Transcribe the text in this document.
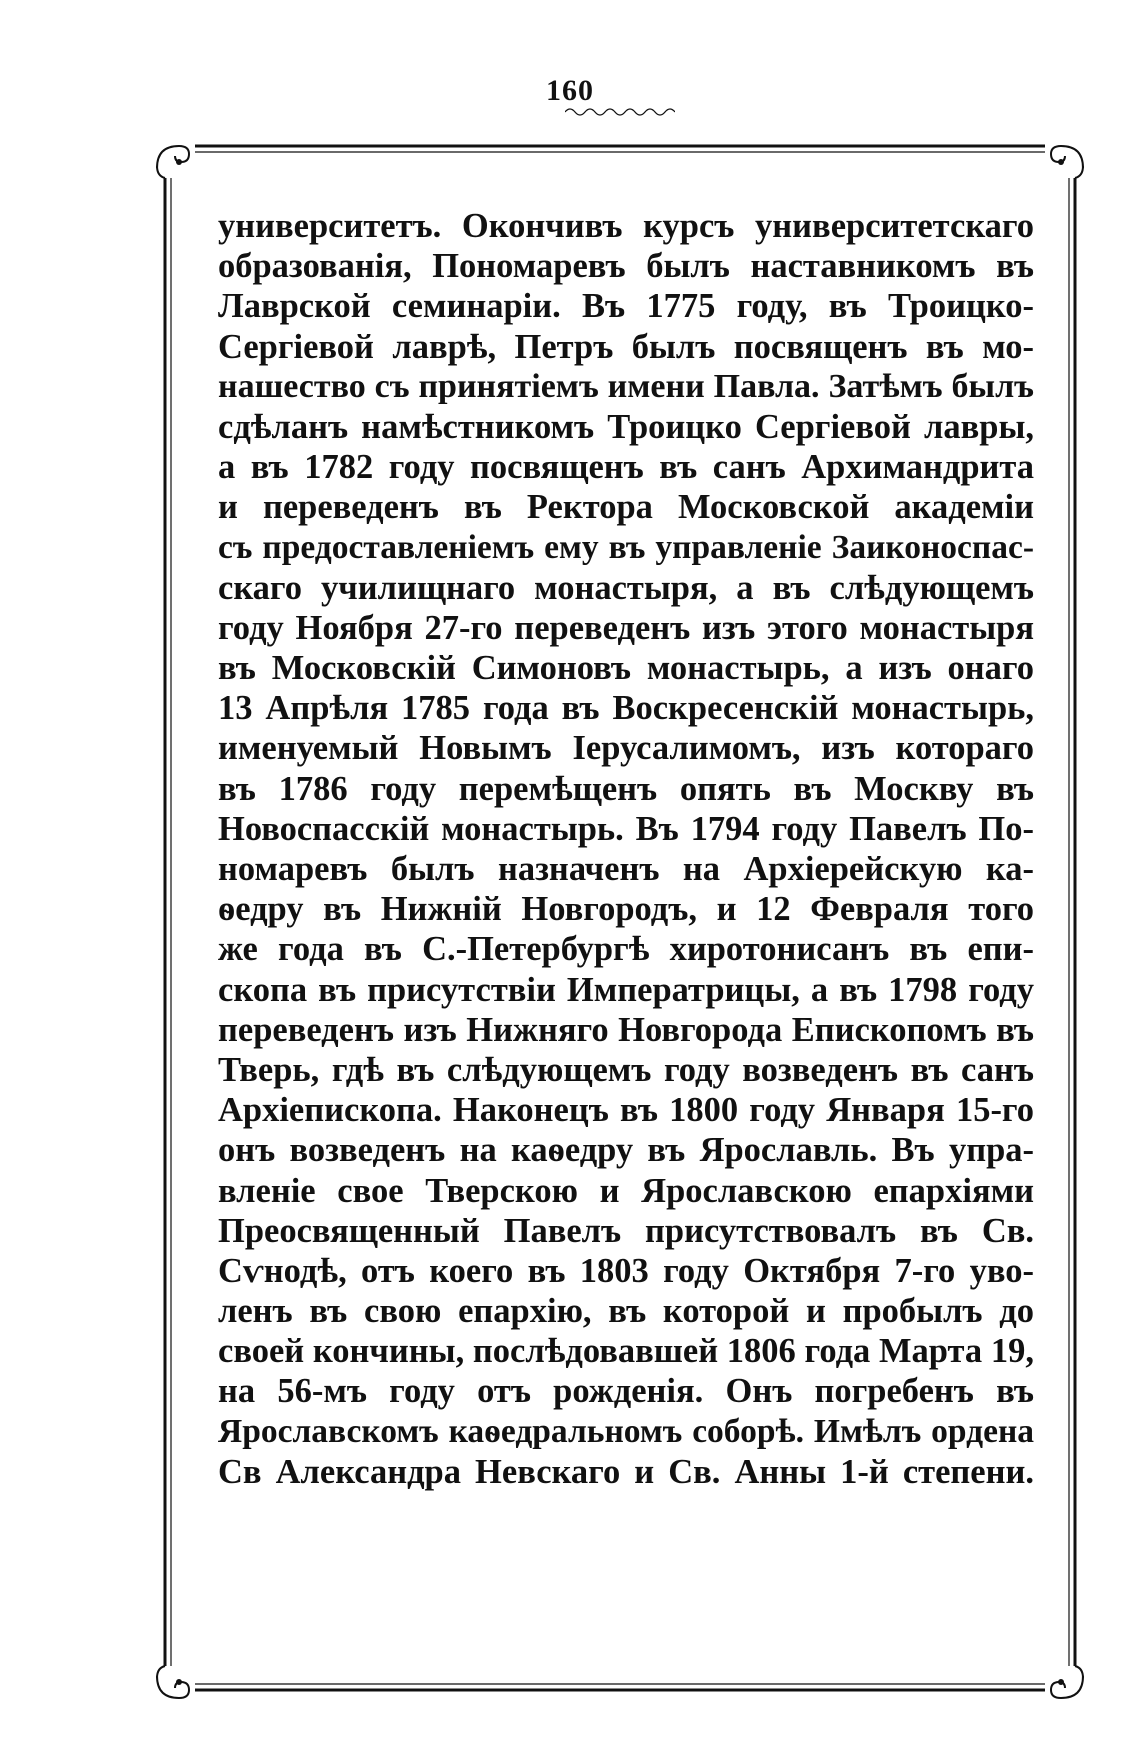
160
университетъ. Окончивъ курсъ университетскаго
образованія, Пономаревъ былъ наставникомъ въ
Лаврской семинаріи. Въ 1775 году, въ Троицко-
Сергіевой лаврѣ, Петръ былъ посвященъ въ мо-
нашество съ принятіемъ имени Павла. Затѣмъ былъ
сдѣланъ намѣстникомъ Троицко Сергіевой лавры,
а въ 1782 году посвященъ въ санъ Архимандрита
и переведенъ въ Ректора Московской академіи
съ предоставленіемъ ему въ управленіе Заиконоспас-
скаго училищнаго монастыря, а въ слѣдующемъ
году Ноября 27-го переведенъ изъ этого монастыря
въ Московскій Симоновъ монастырь, а изъ онаго
13 Апрѣля 1785 года въ Воскресенскій монастырь,
именуемый Новымъ Іерусалимомъ, изъ котораго
въ 1786 году перемѣщенъ опять въ Москву въ
Новоспасскій монастырь. Въ 1794 году Павелъ По-
номаревъ былъ назначенъ на Архіерейскую ка-
ѳедру въ Нижній Новгородъ, и 12 Февраля того
же года въ С.-Петербургѣ хиротонисанъ въ епи-
скопа въ присутствіи Императрицы, а въ 1798 году
переведенъ изъ Нижняго Новгорода Епископомъ въ
Тверь, гдѣ въ слѣдующемъ году возведенъ въ санъ
Архіепископа. Наконецъ въ 1800 году Января 15-го
онъ возведенъ на каѳедру въ Ярославль. Въ упра-
вленіе свое Тверскою и Ярославскою епархіями
Преосвященный Павелъ присутствовалъ въ Св.
Сѵнодѣ, отъ коего въ 1803 году Октября 7-го уво-
ленъ въ свою епархію, въ которой и пробылъ до
своей кончины, послѣдовавшей 1806 года Марта 19,
на 56-мъ году отъ рожденія. Онъ погребенъ въ
Ярославскомъ каѳедральномъ соборѣ. Имѣлъ ордена
Св Александра Невскаго и Св. Анны 1-й степени.
